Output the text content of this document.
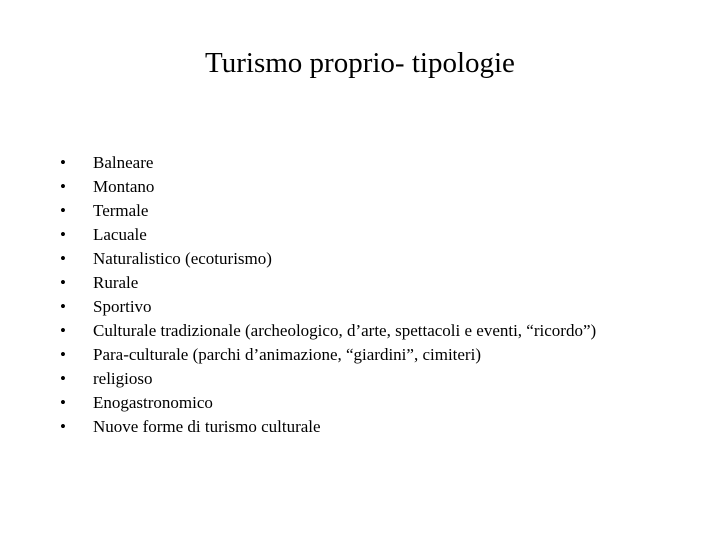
Turismo proprio- tipologie
•	Balneare
•	Montano
•	Termale
•	Lacuale
•	Naturalistico (ecoturismo)
•	Rurale
•	Sportivo
•	Culturale tradizionale (archeologico, d’arte, spettacoli e eventi, “ricordo”)
•	Para-culturale (parchi d’animazione, “giardini”, cimiteri)
•	religioso
•	Enogastronomico
•	Nuove forme di turismo culturale
